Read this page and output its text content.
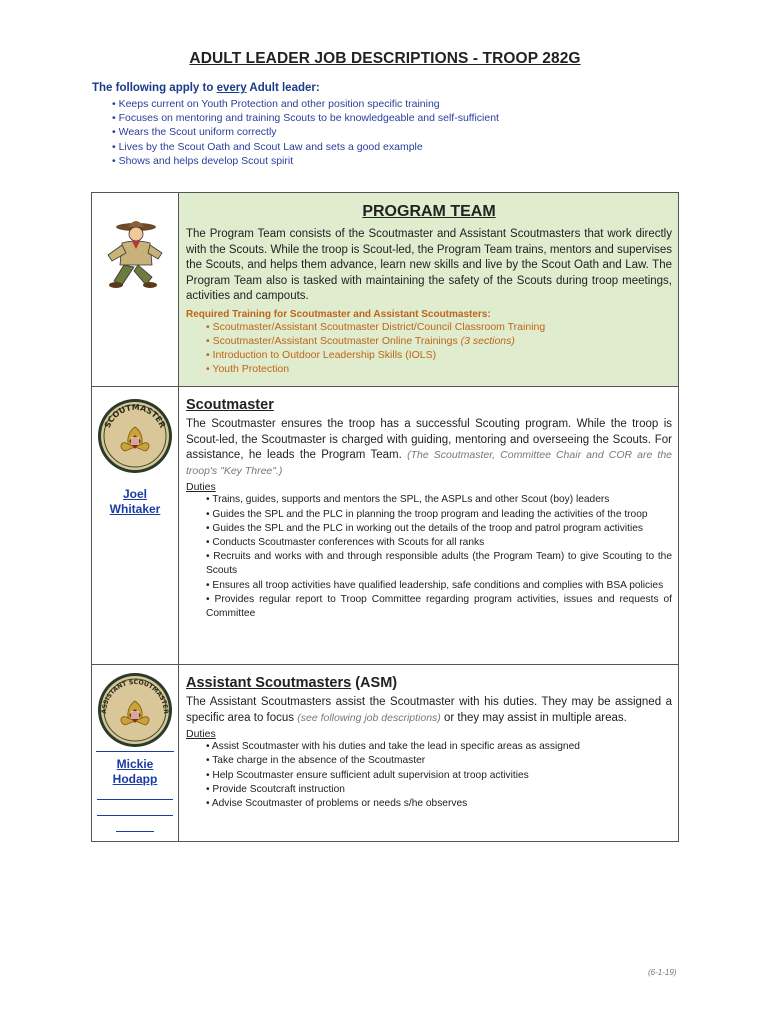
ADULT LEADER JOB DESCRIPTIONS - TROOP 282G
The following apply to every Adult leader:
• Keeps current on Youth Protection and other position specific training
• Focuses on mentoring and training Scouts to be knowledgeable and self-sufficient
• Wears the Scout uniform correctly
• Lives by the Scout Oath and Scout Law and sets a good example
• Shows and helps develop Scout spirit
PROGRAM TEAM
The Program Team consists of the Scoutmaster and Assistant Scoutmasters that work directly with the Scouts. While the troop is Scout-led, the Program Team trains, mentors and supervises the Scouts, and helps them advance, learn new skills and live by the Scout Oath and Law. The Program Team also is tasked with maintaining the safety of the Scouts during troop meetings, activities and campouts.
Required Training for Scoutmaster and Assistant Scoutmasters:
• Scoutmaster/Assistant Scoutmaster District/Council Classroom Training
• Scoutmaster/Assistant Scoutmaster Online Trainings (3 sections)
• Introduction to Outdoor Leadership Skills (IOLS)
• Youth Protection
SCOUTMASTER
Joel
Whitaker
Scoutmaster
The Scoutmaster ensures the troop has a successful Scouting program. While the troop is Scout-led, the Scoutmaster is charged with guiding, mentoring and overseeing the Scouts. For assistance, he leads the Program Team. (The Scoutmaster, Committee Chair and COR are the troop's "Key Three".)
Duties
• Trains, guides, supports and mentors the SPL, the ASPLs and other Scout (boy) leaders
• Guides the SPL and the PLC in planning the troop program and leading the activities of the troop
• Guides the SPL and the PLC in working out the details of the troop and patrol program activities
• Conducts Scoutmaster conferences with Scouts for all ranks
• Recruits and works with and through responsible adults (the Program Team) to give Scouting to the Scouts
• Ensures all troop activities have qualified leadership, safe conditions and complies with BSA policies
• Provides regular report to Troop Committee regarding program activities, issues and requests of Committee
ASSISTANT SCOUTMASTER
Mickie
Hodapp
Assistant Scoutmasters (ASM)
The Assistant Scoutmasters assist the Scoutmaster with his duties. They may be assigned a specific area to focus (see following job descriptions) or they may assist in multiple areas.
Duties
• Assist Scoutmaster with his duties and take the lead in specific areas as assigned
• Take charge in the absence of the Scoutmaster
• Help Scoutmaster ensure sufficient adult supervision at troop activities
• Provide Scoutcraft instruction
• Advise Scoutmaster of problems or needs s/he observes
(6-1-19)
